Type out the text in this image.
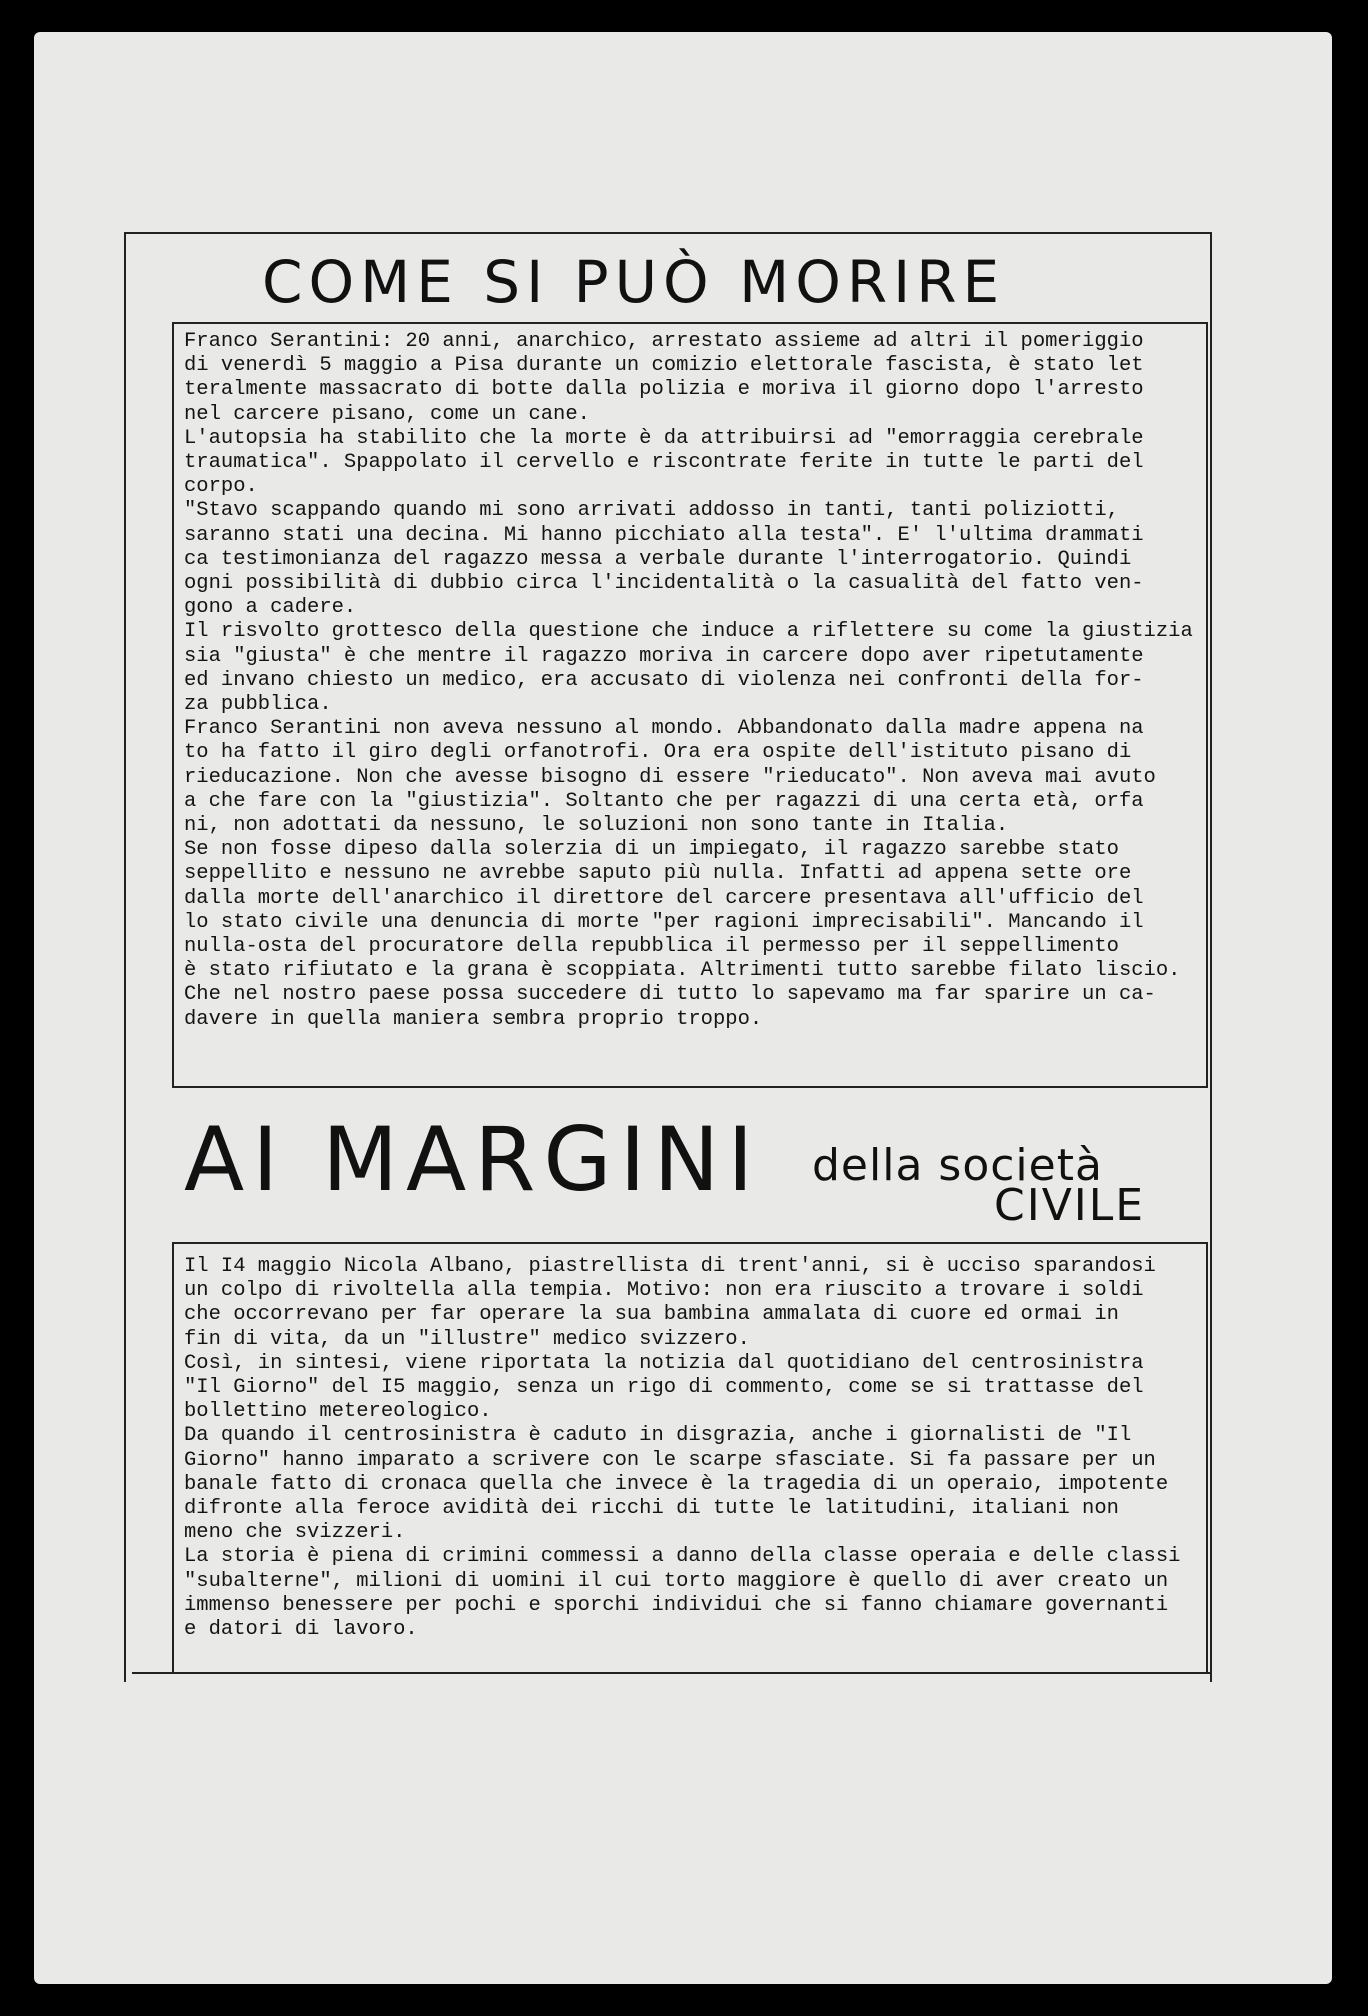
COME SI PUÒ MORIRE
Franco Serantini: 20 anni, anarchico, arrestato assieme ad altri il pomeriggio
di venerdì 5 maggio a Pisa durante un comizio elettorale fascista, è stato let
teralmente massacrato di botte dalla polizia e moriva il giorno dopo l'arresto
nel carcere pisano, come un cane.
L'autopsia ha stabilito che la morte è da attribuirsi ad "emorraggia cerebrale
traumatica". Spappolato il cervello e riscontrate ferite in tutte le parti del
corpo.
"Stavo scappando quando mi sono arrivati addosso in tanti, tanti poliziotti,
saranno stati una decina. Mi hanno picchiato alla testa". E' l'ultima drammati
ca testimonianza del ragazzo messa a verbale durante l'interrogatorio. Quindi
ogni possibilità di dubbio circa l'incidentalità o la casualità del fatto ven-
gono a cadere.
Il risvolto grottesco della questione che induce a riflettere su come la giustizia
sia "giusta" è che mentre il ragazzo moriva in carcere dopo aver ripetutamente
ed invano chiesto un medico, era accusato di violenza nei confronti della for-
za pubblica.
Franco Serantini non aveva nessuno al mondo. Abbandonato dalla madre appena na
to ha fatto il giro degli orfanotrofi. Ora era ospite dell'istituto pisano di
rieducazione. Non che avesse bisogno di essere "rieducato". Non aveva mai avuto
a che fare con la "giustizia". Soltanto che per ragazzi di una certa età, orfa
ni, non adottati da nessuno, le soluzioni non sono tante in Italia.
Se non fosse dipeso dalla solerzia di un impiegato, il ragazzo sarebbe stato
seppellito e nessuno ne avrebbe saputo più nulla. Infatti ad appena sette ore
dalla morte dell'anarchico il direttore del carcere presentava all'ufficio del
lo stato civile una denuncia di morte "per ragioni imprecisabili". Mancando il
nulla-osta del procuratore della repubblica il permesso per il seppellimento
è stato rifiutato e la grana è scoppiata. Altrimenti tutto sarebbe filato liscio.
Che nel nostro paese possa succedere di tutto lo sapevamo ma far sparire un ca-
davere in quella maniera sembra proprio troppo.
AI MARGINI della società
CIVILE
Il I4 maggio Nicola Albano, piastrellista di trent'anni, si è ucciso sparandosi
un colpo di rivoltella alla tempia. Motivo: non era riuscito a trovare i soldi
che occorrevano per far operare la sua bambina ammalata di cuore ed ormai in
fin di vita, da un "illustre" medico svizzero.
Così, in sintesi, viene riportata la notizia dal quotidiano del centrosinistra
"Il Giorno" del I5 maggio, senza un rigo di commento, come se si trattasse del
bollettino metereologico.
Da quando il centrosinistra è caduto in disgrazia, anche i giornalisti de "Il
Giorno" hanno imparato a scrivere con le scarpe sfasciate. Si fa passare per un
banale fatto di cronaca quella che invece è la tragedia di un operaio, impotente
difronte alla feroce avidità dei ricchi di tutte le latitudini, italiani non
meno che svizzeri.
La storia è piena di crimini commessi a danno della classe operaia e delle classi
"subalterne", milioni di uomini il cui torto maggiore è quello di aver creato un
immenso benessere per pochi e sporchi individui che si fanno chiamare governanti
e datori di lavoro.
